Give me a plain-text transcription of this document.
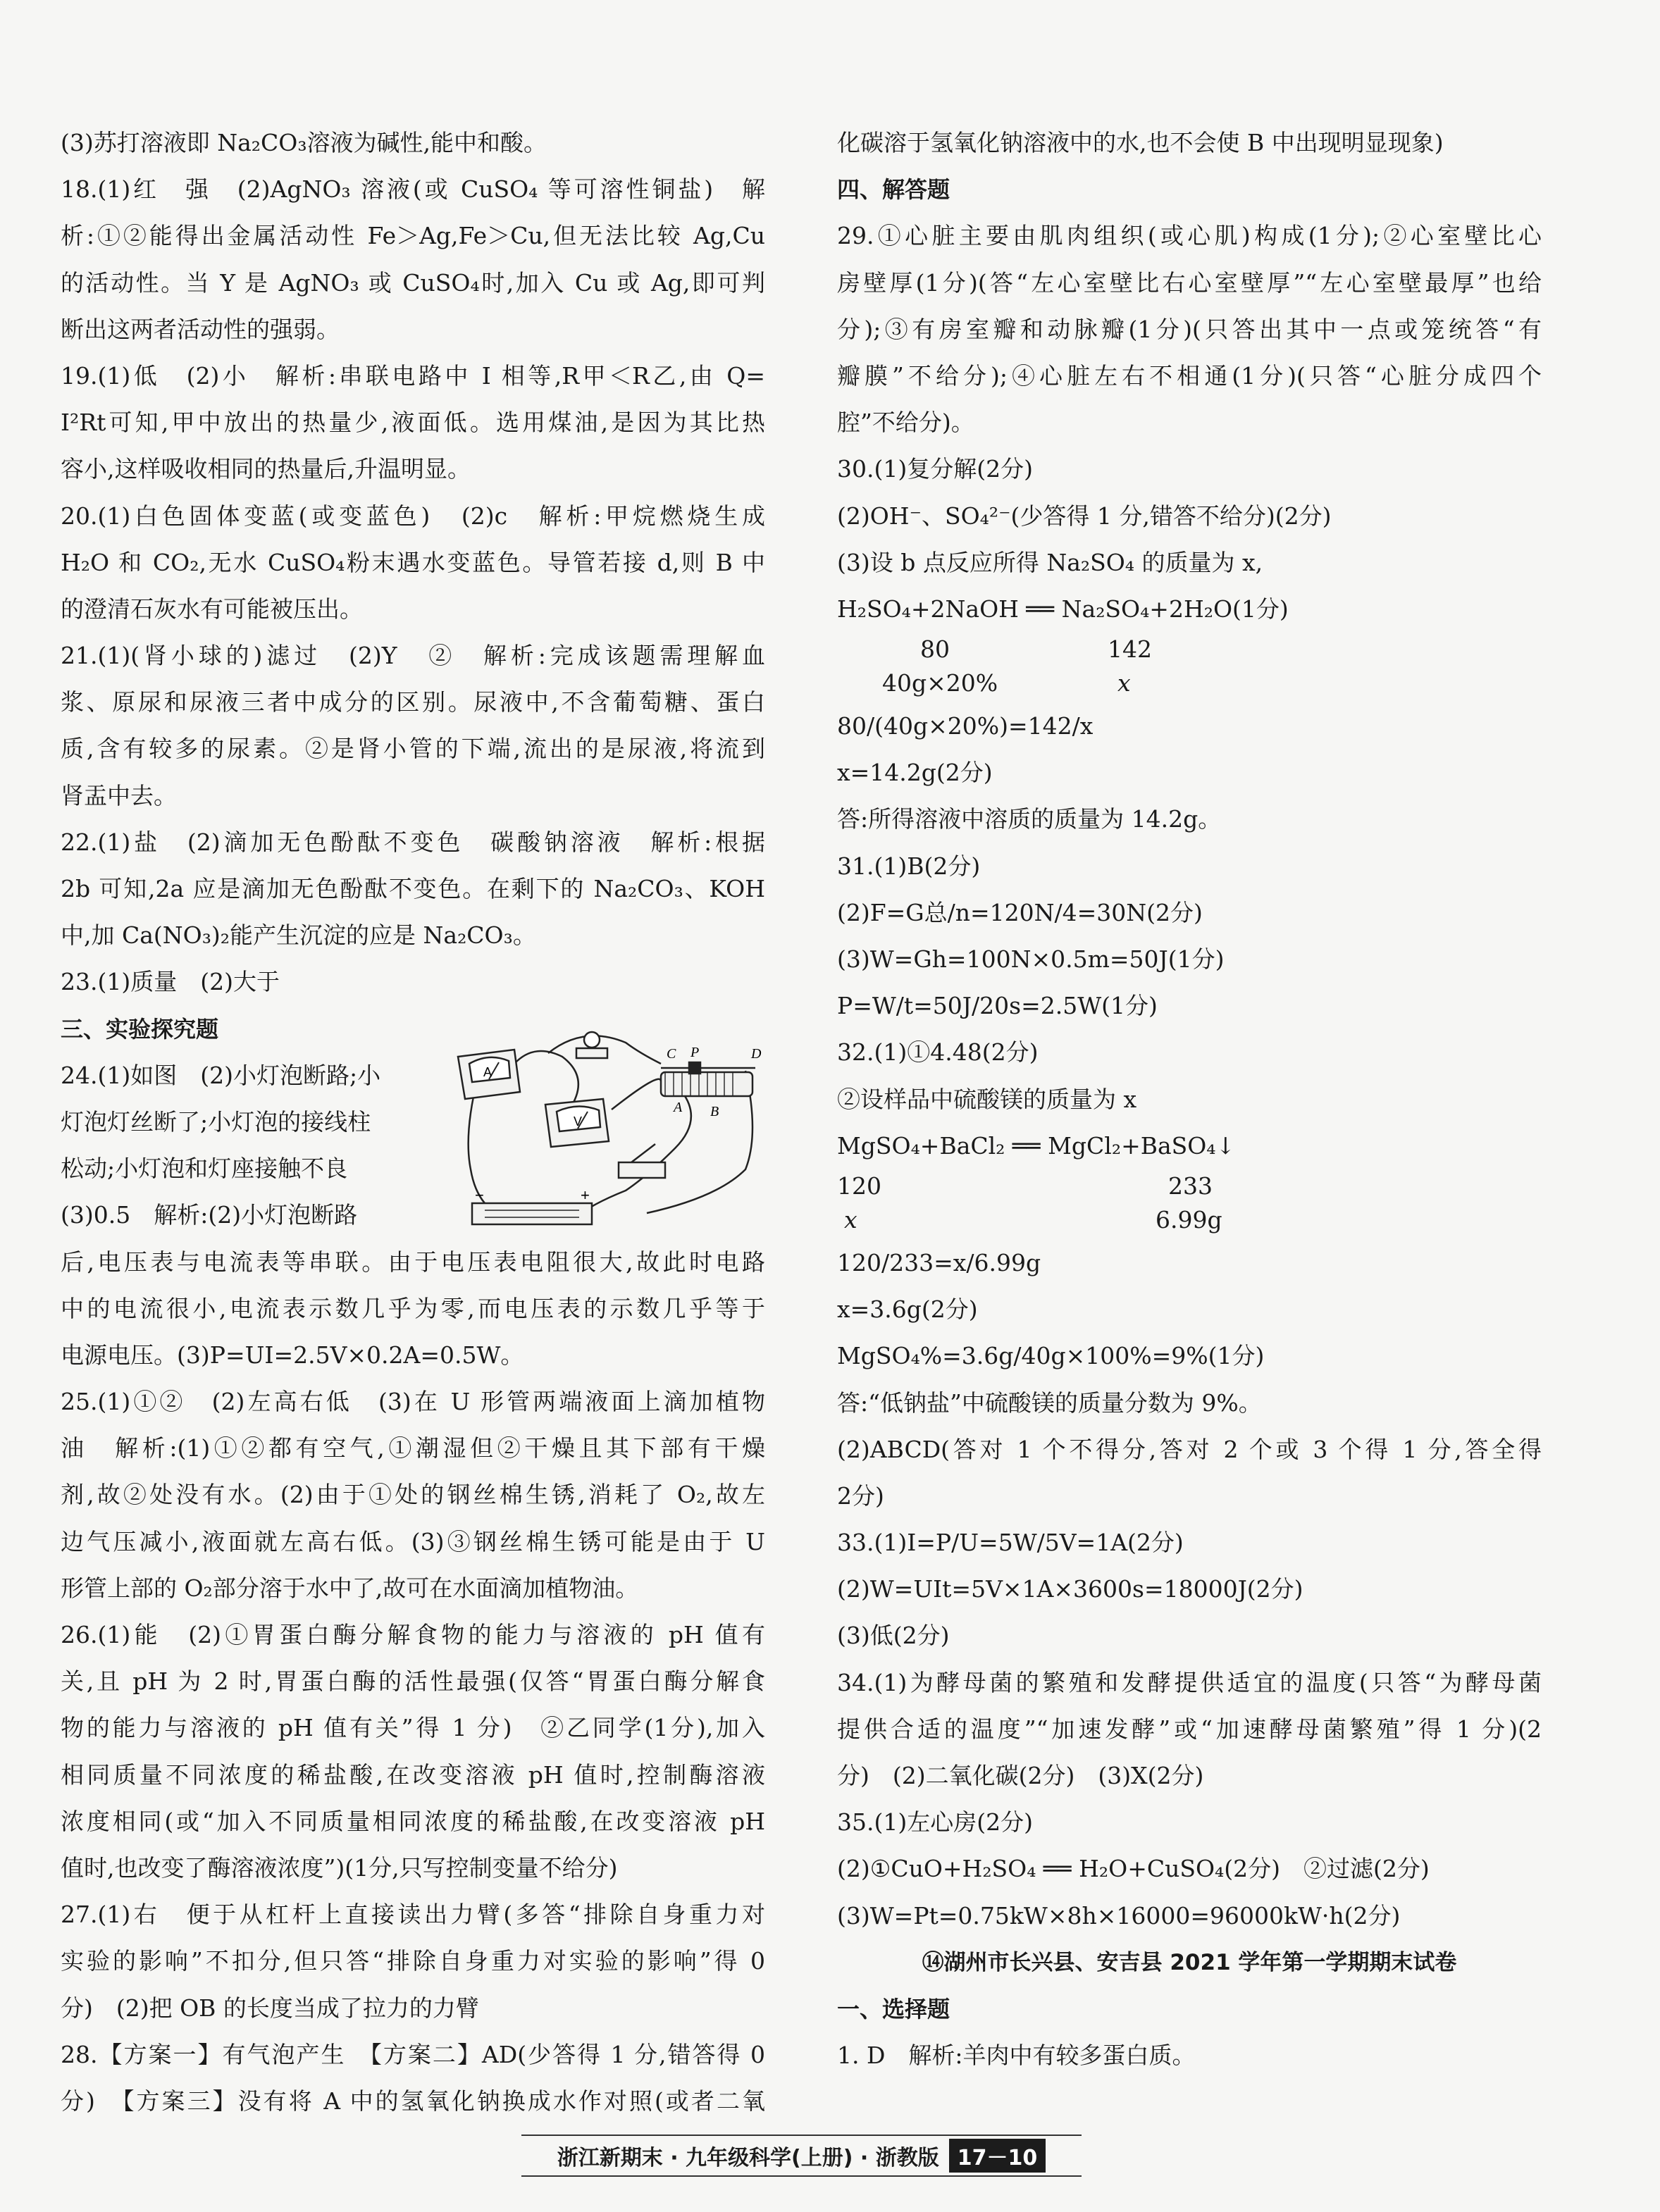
(3)苏打溶液即 Na₂CO₃溶液为碱性,能中和酸。
18.(1)红　强　(2)AgNO₃ 溶液(或 CuSO₄ 等可溶性铜盐)　解
析:①②能得出金属活动性 Fe＞Ag,Fe＞Cu,但无法比较 Ag,Cu
的活动性。当 Y 是 AgNO₃ 或 CuSO₄时,加入 Cu 或 Ag,即可判
断出这两者活动性的强弱。
19.(1)低　(2)小　解析:串联电路中 I 相等,R甲＜R乙,由 Q=
I²Rt可知,甲中放出的热量少,液面低。选用煤油,是因为其比热
容小,这样吸收相同的热量后,升温明显。
20.(1)白色固体变蓝(或变蓝色)　(2)c　解析:甲烷燃烧生成
H₂O 和 CO₂,无水 CuSO₄粉末遇水变蓝色。导管若接 d,则 B 中
的澄清石灰水有可能被压出。
21.(1)(肾小球的)滤过　(2)Y　②　解析:完成该题需理解血
浆、原尿和尿液三者中成分的区别。尿液中,不含葡萄糖、蛋白
质,含有较多的尿素。②是肾小管的下端,流出的是尿液,将流到
肾盂中去。
22.(1)盐　(2)滴加无色酚酞不变色　碳酸钠溶液　解析:根据
2b 可知,2a 应是滴加无色酚酞不变色。在剩下的 Na₂CO₃、KOH
中,加 Ca(NO₃)₂能产生沉淀的应是 Na₂CO₃。
23.(1)质量　(2)大于
三、实验探究题
24.(1)如图　(2)小灯泡断路;小
灯泡灯丝断了;小灯泡的接线柱
松动;小灯泡和灯座接触不良
(3)0.5　解析:(2)小灯泡断路
后,电压表与电流表等串联。由于电压表电阻很大,故此时电路
中的电流很小,电流表示数几乎为零,而电压表的示数几乎等于
电源电压。(3)P=UI=2.5V×0.2A=0.5W。
25.(1)①②　(2)左高右低　(3)在 U 形管两端液面上滴加植物
油　解析:(1)①②都有空气,①潮湿但②干燥且其下部有干燥
剂,故②处没有水。(2)由于①处的钢丝棉生锈,消耗了 O₂,故左
边气压减小,液面就左高右低。(3)③钢丝棉生锈可能是由于 U
形管上部的 O₂部分溶于水中了,故可在水面滴加植物油。
26.(1)能　(2)①胃蛋白酶分解食物的能力与溶液的 pH 值有
关,且 pH 为 2 时,胃蛋白酶的活性最强(仅答“胃蛋白酶分解食
物的能力与溶液的 pH 值有关”得 1 分)　②乙同学(1分),加入
相同质量不同浓度的稀盐酸,在改变溶液 pH 值时,控制酶溶液
浓度相同(或“加入不同质量相同浓度的稀盐酸,在改变溶液 pH
值时,也改变了酶溶液浓度”)(1分,只写控制变量不给分)
27.(1)右　便于从杠杆上直接读出力臂(多答“排除自身重力对
实验的影响”不扣分,但只答“排除自身重力对实验的影响”得 0
分)　(2)把 OB 的长度当成了拉力的力臂
28.【方案一】有气泡产生　【方案二】AD(少答得 1 分,错答得 0
分)　【方案三】没有将 A 中的氢氧化钠换成水作对照(或者二氧
化碳溶于氢氧化钠溶液中的水,也不会使 B 中出现明显现象)
四、解答题
29.①心脏主要由肌肉组织(或心肌)构成(1分);②心室壁比心
房壁厚(1分)(答“左心室壁比右心室壁厚”“左心室壁最厚”也给
分);③有房室瓣和动脉瓣(1分)(只答出其中一点或笼统答“有
瓣膜”不给分);④心脏左右不相通(1分)(只答“心脏分成四个
腔”不给分)。
30.(1)复分解(2分)
(2)OH⁻、SO₄²⁻(少答得 1 分,错答不给分)(2分)
(3)设 b 点反应所得 Na₂SO₄ 的质量为 x,
H₂SO₄+2NaOH ══ Na₂SO₄+2H₂O(1分)
80	142
40g×20%	x
80/(40g×20%)=142/x
x=14.2g(2分)
答:所得溶液中溶质的质量为 14.2g。
31.(1)B(2分)
(2)F=G总/n=120N/4=30N(2分)
(3)W=Gh=100N×0.5m=50J(1分)
P=W/t=50J/20s=2.5W(1分)
32.(1)①4.48(2分)
②设样品中硫酸镁的质量为 x
MgSO₄+BaCl₂ ══ MgCl₂+BaSO₄↓
120	233
x	6.99g
120/233=x/6.99g
x=3.6g(2分)
MgSO₄%=3.6g/40g×100%=9%(1分)
答:“低钠盐”中硫酸镁的质量分数为 9%。
(2)ABCD(答对 1 个不得分,答对 2 个或 3 个得 1 分,答全得
2分)
33.(1)I=P/U=5W/5V=1A(2分)
(2)W=UIt=5V×1A×3600s=18000J(2分)
(3)低(2分)
34.(1)为酵母菌的繁殖和发酵提供适宜的温度(只答“为酵母菌
提供合适的温度”“加速发酵”或“加速酵母菌繁殖”得 1 分)(2
分)　(2)二氧化碳(2分)　(3)X(2分)
35.(1)左心房(2分)
(2)①CuO+H₂SO₄ ══ H₂O+CuSO₄(2分)　②过滤(2分)
(3)W=Pt=0.75kW×8h×16000=96000kW·h(2分)
⑭湖州市长兴县、安吉县 2021 学年第一学期期末试卷
一、选择题
1. D　解析:羊肉中有较多蛋白质。
A
V
C P	D
A B
−	+
浙江新期末 · 九年级科学(上册) · 浙教版 17－10
